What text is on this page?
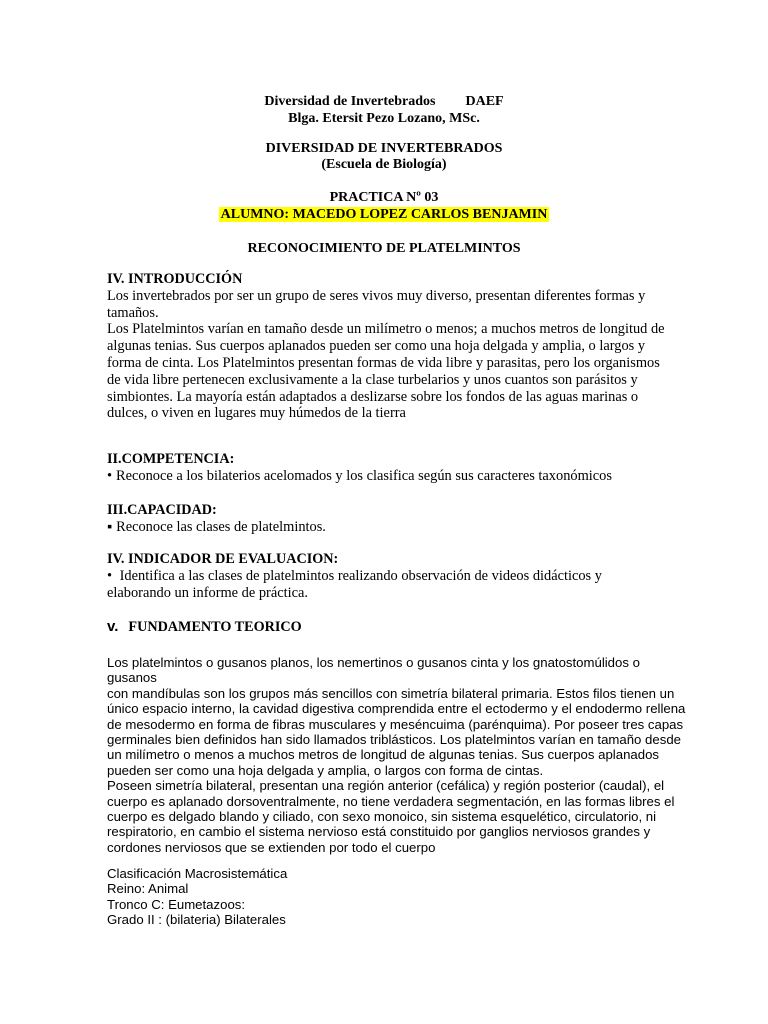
Diversidad de Invertebrados DAEF
Blga. Etersit Pezo Lozano, MSc.
DIVERSIDAD DE INVERTEBRADOS
(Escuela de Biología)
PRACTICA Nº 03
ALUMNO: MACEDO LOPEZ CARLOS BENJAMIN
RECONOCIMIENTO DE PLATELMINTOS
IV. INTRODUCCIÓN
Los invertebrados por ser un grupo de seres vivos muy diverso, presentan diferentes formas y
tamaños.
Los Platelmintos varían en tamaño desde un milímetro o menos; a muchos metros de longitud de
algunas tenias. Sus cuerpos aplanados pueden ser como una hoja delgada y amplia, o largos y
forma de cinta. Los Platelmintos presentan formas de vida libre y parasitas, pero los organismos
de vida libre pertenecen exclusivamente a la clase turbelarios y unos cuantos son parásitos y
simbiontes. La mayoría están adaptados a deslizarse sobre los fondos de las aguas marinas o
dulces, o viven en lugares muy húmedos de la tierra
II.COMPETENCIA:
• Reconoce a los bilaterios acelomados y los clasifica según sus caracteres taxonómicos
III.CAPACIDAD:
▪ Reconoce las clases de platelmintos.
IV. INDICADOR DE EVALUACION:
• Identifica a las clases de platelmintos realizando observación de videos didácticos y
elaborando un informe de práctica.
v. FUNDAMENTO TEORICO
Los platelmintos o gusanos planos, los nemertinos o gusanos cinta y los gnatostomúlidos o
gusanos
con mandíbulas son los grupos más sencillos con simetría bilateral primaria. Estos filos tienen un
único espacio interno, la cavidad digestiva comprendida entre el ectodermo y el endodermo rellena
de mesodermo en forma de fibras musculares y meséncuima (parénquima). Por poseer tres capas
germinales bien definidos han sido llamados triblásticos. Los platelmintos varían en tamaño desde
un milímetro o menos a muchos metros de longitud de algunas tenias. Sus cuerpos aplanados
pueden ser como una hoja delgada y amplia, o largos con forma de cintas.
Poseen simetría bilateral, presentan una región anterior (cefálica) y región posterior (caudal), el
cuerpo es aplanado dorsoventralmente, no tiene verdadera segmentación, en las formas libres el
cuerpo es delgado blando y ciliado, con sexo monoico, sin sistema esquelético, circulatorio, ni
respiratorio, en cambio el sistema nervioso está constituido por ganglios nerviosos grandes y
cordones nerviosos que se extienden por todo el cuerpo
Clasificación Macrosistemática
Reino: Animal
Tronco C: Eumetazoos:
Grado II : (bilateria) Bilaterales
